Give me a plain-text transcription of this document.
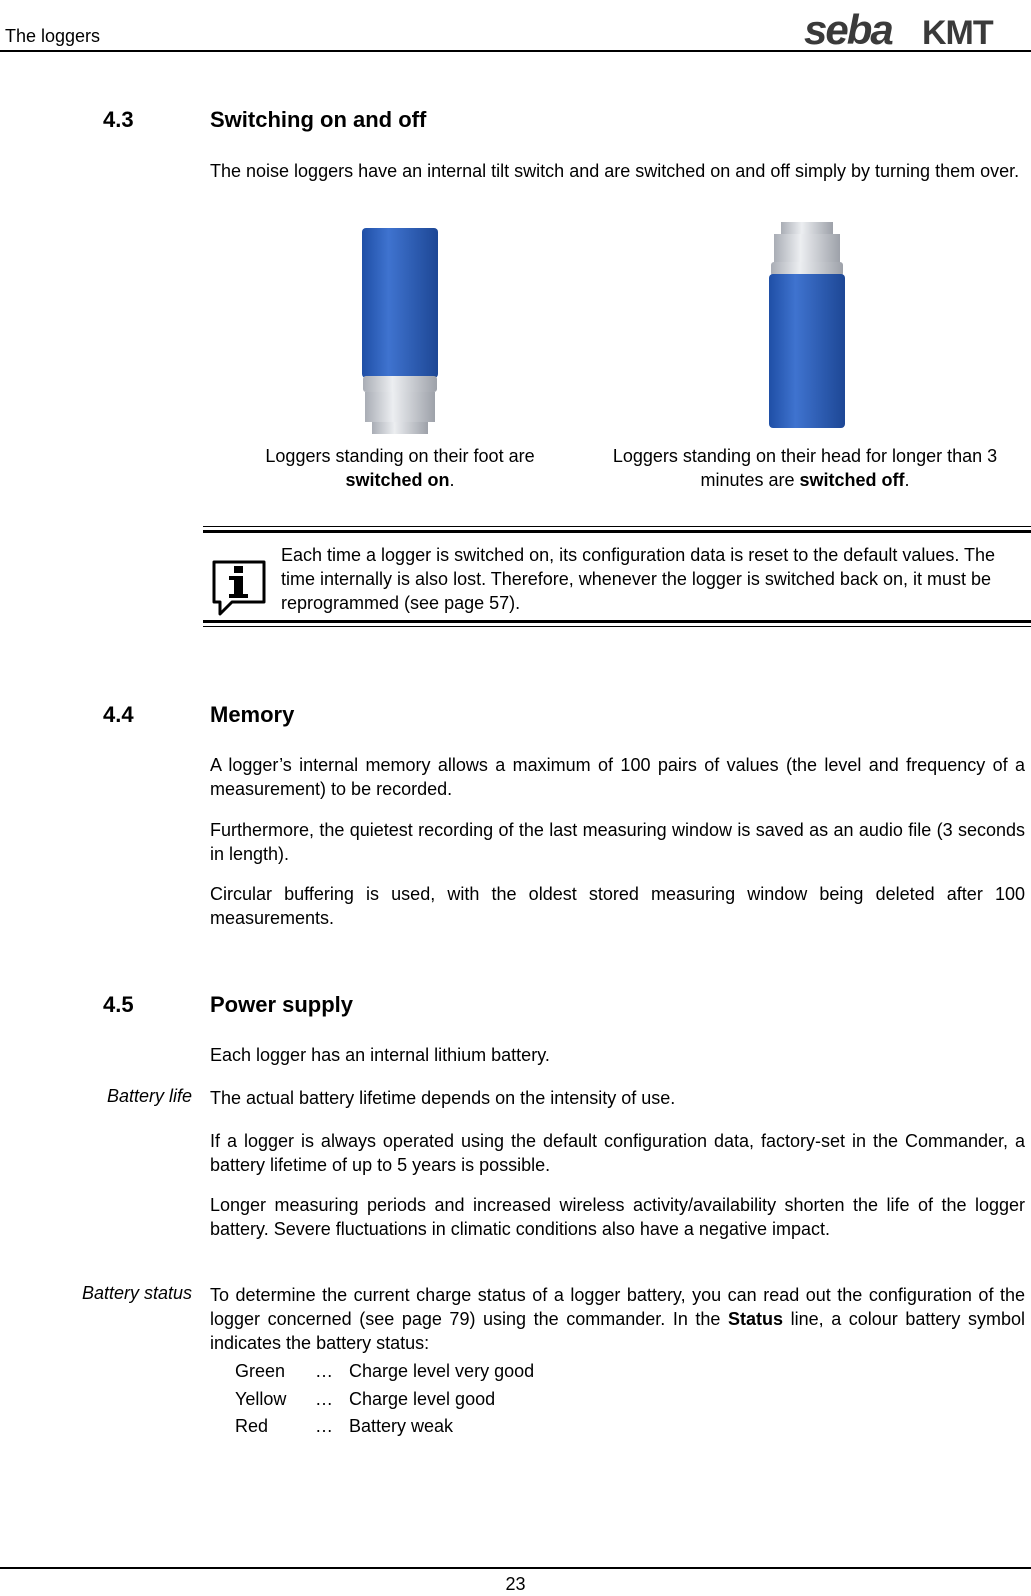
The loggers	seba KMT
4.3	Switching on and off
The noise loggers have an internal tilt switch and are switched on and off simply by turning them over.
Loggers standing on their foot are
switched on.
Loggers standing on their head for longer than 3 minutes are switched off.
Each time a logger is switched on, its configuration data is reset to the default values. The time internally is also lost. Therefore, whenever the logger is switched back on, it must be reprogrammed (see page 57).
4.4	Memory
A logger’s internal memory allows a maximum of 100 pairs of values (the level and frequency of a measurement) to be recorded.
Furthermore, the quietest recording of the last measuring window is saved as an audio file (3 seconds in length).
Circular buffering is used, with the oldest stored measuring window being deleted after 100 measurements.
4.5	Power supply
Each logger has an internal lithium battery.
Battery life The actual battery lifetime depends on the intensity of use.
If a logger is always operated using the default configuration data, factory-set in the Commander, a battery lifetime of up to 5 years is possible.
Longer measuring periods and increased wireless activity/availability shorten the life of the logger battery. Severe fluctuations in climatic conditions also have a negative impact.
Battery status To determine the current charge status of a logger battery, you can read out the configuration of the logger concerned (see page 79) using the commander. In the Status line, a colour battery symbol indicates the battery status:
Green … Charge level very good
Yellow … Charge level good
Red	… Battery weak
23
